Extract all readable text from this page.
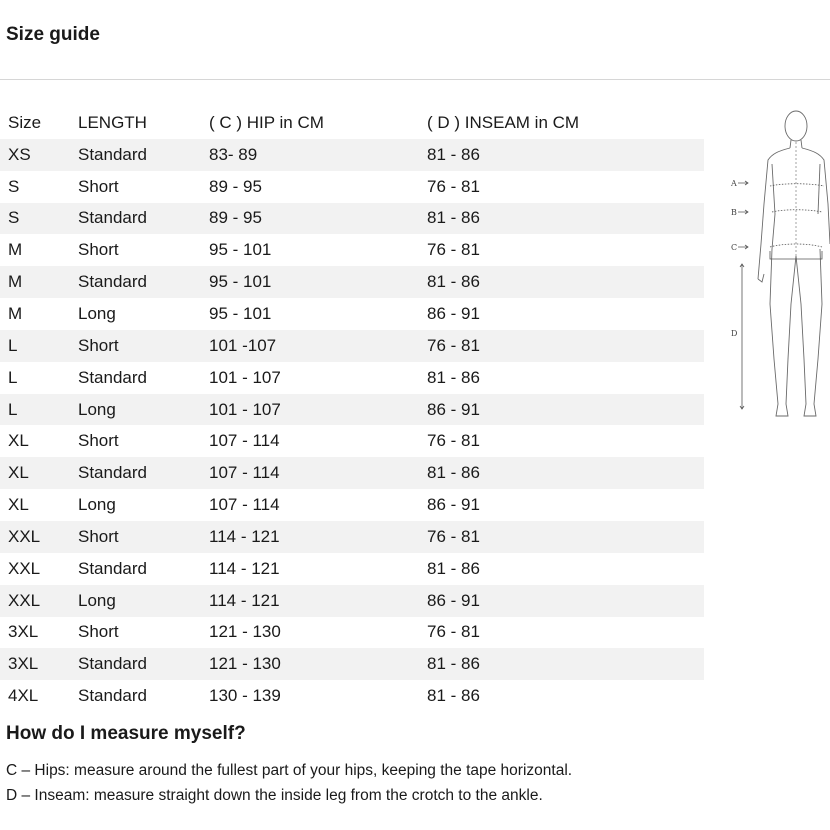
Size guide
Size	LENGTH	( C ) HIP in CM	( D ) INSEAM in CM
XS	Standard	83- 89	81 - 86
S	Short	89 - 95	76 - 81
S	Standard	89 - 95	81 - 86
M	Short	95 - 101	76 - 81
M	Standard	95 - 101	81 - 86
M	Long	95 - 101	86 - 91
L	Short	101 -107	76 - 81
L	Standard	101 - 107	81 - 86
L	Long	101 - 107	86 - 91
XL	Short	107 - 114	76 - 81
XL	Standard	107 - 114	81 - 86
XL	Long	107 - 114	86 - 91
XXL	Short	114 - 121	76 - 81
XXL	Standard	114 - 121	81 - 86
XXL	Long	114 - 121	86 - 91
3XL	Short	121 - 130	76 - 81
3XL	Standard	121 - 130	81 - 86
4XL	Standard	130 - 139	81 - 86
A
B
C
D
How do I measure myself?

C – Hips: measure around the fullest part of your hips, keeping the tape horizontal.

D – Inseam: measure straight down the inside leg from the crotch to the ankle.
